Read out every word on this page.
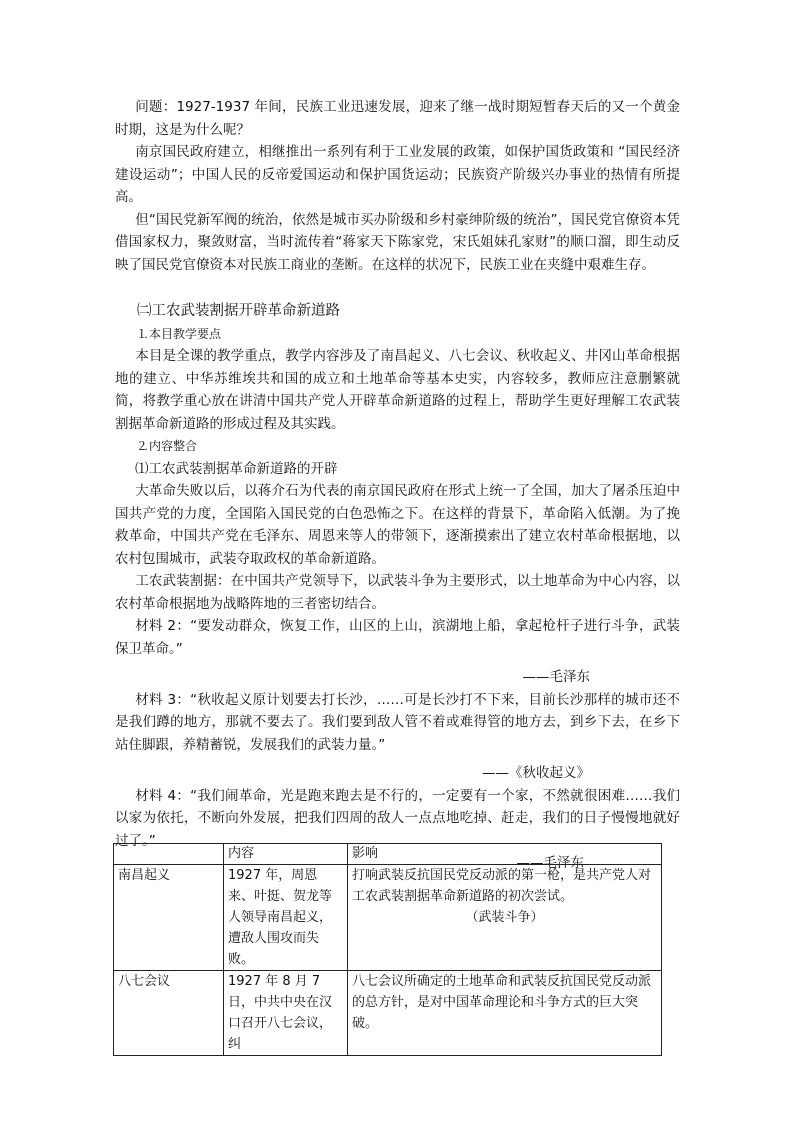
问题：1927-1937 年间，民族工业迅速发展，迎来了继一战时期短暂春天后的又一个黄金时期，这是为什么呢？

南京国民政府建立，相继推出一系列有利于工业发展的政策，如保护国货政策和 “国民经济建设运动”；中国人民的反帝爱国运动和保护国货运动；民族资产阶级兴办事业的热情有所提高。

但“国民党新军阀的统治，依然是城市买办阶级和乡村豪绅阶级的统治”，国民党官僚资本凭借国家权力，聚敛财富，当时流传着“蒋家天下陈家党，宋氏姐妹孔家财”的顺口溜，即生动反映了国民党官僚资本对民族工商业的垄断。在这样的状况下，民族工业在夹缝中艰难生存。

㈡工农武装割据开辟革命新道路

⒈本目教学要点

本目是全课的教学重点，教学内容涉及了南昌起义、八七会议、秋收起义、井冈山革命根据地的建立、中华苏维埃共和国的成立和土地革命等基本史实，内容较多，教师应注意删繁就简，将教学重心放在讲清中国共产党人开辟革命新道路的过程上，帮助学生更好理解工农武装割据革命新道路的形成过程及其实践。

⒉内容整合

⑴工农武装割据革命新道路的开辟

大革命失败以后，以蒋介石为代表的南京国民政府在形式上统一了全国，加大了屠杀压迫中国共产党的力度，全国陷入国民党的白色恐怖之下。在这样的背景下，革命陷入低潮。为了挽救革命，中国共产党在毛泽东、周恩来等人的带领下，逐渐摸索出了建立农村革命根据地，以农村包围城市，武装夺取政权的革命新道路。

工农武装割据：在中国共产党领导下，以武装斗争为主要形式，以土地革命为中心内容，以农村革命根据地为战略阵地的三者密切结合。

材料 2：“要发动群众，恢复工作，山区的上山，滨湖地上船，拿起枪杆子进行斗争，武装保卫革命。”

——毛泽东

材料 3：“秋收起义原计划要去打长沙，……可是长沙打不下来，目前长沙那样的城市还不是我们蹲的地方，那就不要去了。我们要到敌人管不着或难得管的地方去，到乡下去，在乡下站住脚跟，养精蓄锐，发展我们的武装力量。”

——《秋收起义》

材料 4：“我们闹革命，光是跑来跑去是不行的，一定要有一个家，不然就很困难……我们以家为依托，不断向外发展，把我们四周的敌人一点点地吃掉、赶走，我们的日子慢慢地就好过了。”

——毛泽东

	内容	影响
南昌起义	1927 年，周恩来、叶挺、贺龙等人领导南昌起义，遭敌人围攻而失败。	打响武装反抗国民党反动派的第一枪，是共产党人对工农武装割据革命新道路的初次尝试。
（武装斗争）

八七会议	1927 年 8 月 7 日，中共中央在汉口召开八七会议，纠	八七会议所确定的土地革命和武装反抗国民党反动派的总方针，是对中国革命理论和斗争方式的巨大突破。
